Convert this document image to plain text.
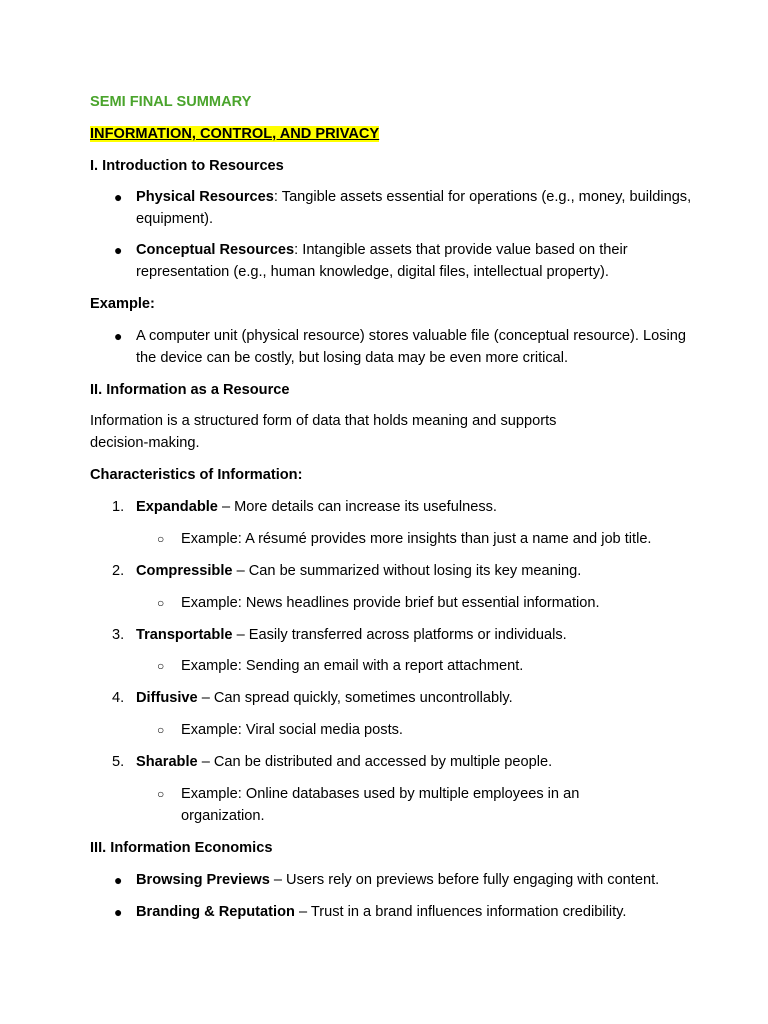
SEMI FINAL SUMMARY
INFORMATION, CONTROL, AND PRIVACY
I. Introduction to Resources
● Physical Resources: Tangible assets essential for operations (e.g., money, buildings, equipment).
● Conceptual Resources: Intangible assets that provide value based on their representation (e.g., human knowledge, digital files, intellectual property).
Example:
● A computer unit (physical resource) stores valuable file (conceptual resource). Losing the device can be costly, but losing data may be even more critical.
II. Information as a Resource
Information is a structured form of data that holds meaning and supports decision-making.
Characteristics of Information:
1. Expandable – More details can increase its usefulness.
○ Example: A résumé provides more insights than just a name and job title.
2. Compressible – Can be summarized without losing its key meaning.
○ Example: News headlines provide brief but essential information.
3. Transportable – Easily transferred across platforms or individuals.
○ Example: Sending an email with a report attachment.
4. Diffusive – Can spread quickly, sometimes uncontrollably.
○ Example: Viral social media posts.
5. Sharable – Can be distributed and accessed by multiple people.
○ Example: Online databases used by multiple employees in an organization.
III. Information Economics
● Browsing Previews – Users rely on previews before fully engaging with content.
● Branding & Reputation – Trust in a brand influences information credibility.
